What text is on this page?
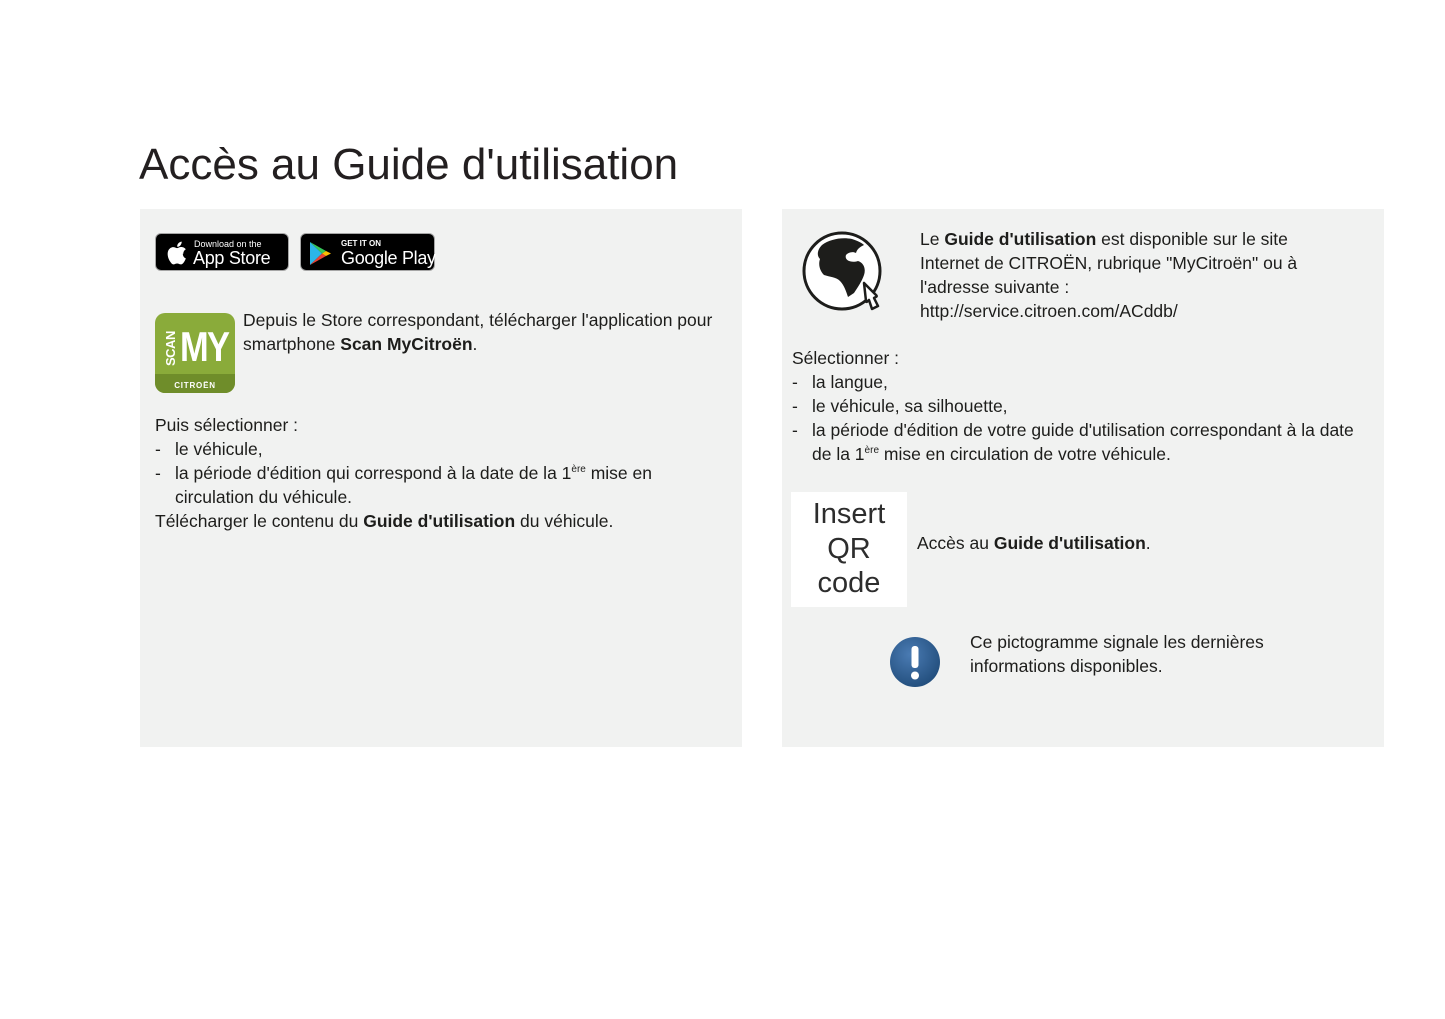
Accès au Guide d'utilisation
Download on the
App Store
GET IT ON
Google Play
SCAN MY
CITROËN
Depuis le Store correspondant, télécharger l'application pour smartphone Scan MyCitroën.
Puis sélectionner :
- le véhicule,
- la période d'édition qui correspond à la date de la 1ère mise en circulation du véhicule.
Télécharger le contenu du Guide d'utilisation du véhicule.
Le Guide d'utilisation est disponible sur le site Internet de CITROËN, rubrique "MyCitroën" ou à l'adresse suivante :
http://service.citroen.com/ACddb/
Sélectionner :
- la langue,
- le véhicule, sa silhouette,
- la période d'édition de votre guide d'utilisation correspondant à la date de la 1ère mise en circulation de votre véhicule.
Insert
QR
code
Accès au Guide d'utilisation.
Ce pictogramme signale les dernières informations disponibles.
